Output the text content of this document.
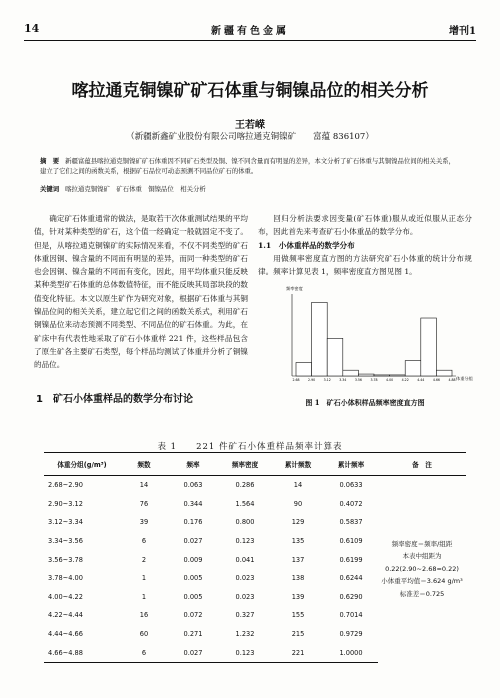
14	新疆有色金属	增刊1
喀拉通克铜镍矿矿石体重与铜镍品位的相关分析
王若嵘
（新疆新鑫矿业股份有限公司喀拉通克铜镍矿　　富蕴 836107）
摘　要 新疆富蕴县喀拉通克铜镍矿矿石体重因不同矿石类型及铜、镍不同含量而有明显的差异，本文分析了矿石体重与其铜镍品位间的相关关系，建立了它们之间的函数关系，根据矿石品位可动态预测不同品位矿石的体重。
关键词 喀拉通克铜镍矿　矿石体重　铜镍品位　相关分析

确定矿石体重通常的做法，是取若干次体重测试结果的平均值，针对某种类型的矿石，这个值一经确定一般就固定不变了。但是，从喀拉通克铜镍矿的实际情况来看，不仅不同类型的矿石体重因铜、镍含量的不同而有明显的差异，而同一种类型的矿石也会因铜、镍含量的不同而有变化，因此，用平均体重只能反映某种类型矿石体重的总体数值特征，而不能反映其局部块段的数值变化特征。本文以原生矿作为研究对象，根据矿石体重与其铜镍品位间的相关关系，建立起它们之间的函数关系式，利用矿石铜镍品位来动态预测不同类型、不同品位的矿石体重。为此，在矿床中有代表性地采取了矿石小体重样 221 件，这些样品包含了原生矿各主要矿石类型，每个样品均测试了体重并分析了铜镍的品位。

1　矿石小体重样品的数学分布讨论

回归分析法要求因变量(矿石体重)服从或近似服从正态分布，因此首先来考查矿石小体重品的数学分布。

1.1　小体重样品的数学分布

用做频率密度直方图的方法研究矿石小体重的统计分布规律。频率计算见表 1，频率密度直方图见图 1。

频率密度
体重分组
2.68	2.90	3.12	3.34	3.56	3.78	4.00	4.22	4.44	4.66	4.88
图 1　矿石小体积样品频率密度直方图
表 1　　221 件矿石小体重样品频率计算表
体重分组(g/m³)	频数	频率	频率密度	累计频数	累计频率	备　注
2.68~2.90	14	0.063	0.286	14	0.0633	频率密度＝频率/组距
本表中组距为
0.22(2.90~2.68=0.22)
小体重平均值＝3.624 g/m³
标准差＝0.725

2.90~3.12	76	0.344	1.564	90	0.4072	
3.12~3.34	39	0.176	0.800	129	0.5837	
3.34~3.56	6	0.027	0.123	135	0.6109	
3.56~3.78	2	0.009	0.041	137	0.6199	
3.78~4.00	1	0.005	0.023	138	0.6244	
4.00~4.22	1	0.005	0.023	139	0.6290	
4.22~4.44	16	0.072	0.327	155	0.7014	
4.44~4.66	60	0.271	1.232	215	0.9729	
4.66~4.88	6	0.027	0.123	221	1.0000	
